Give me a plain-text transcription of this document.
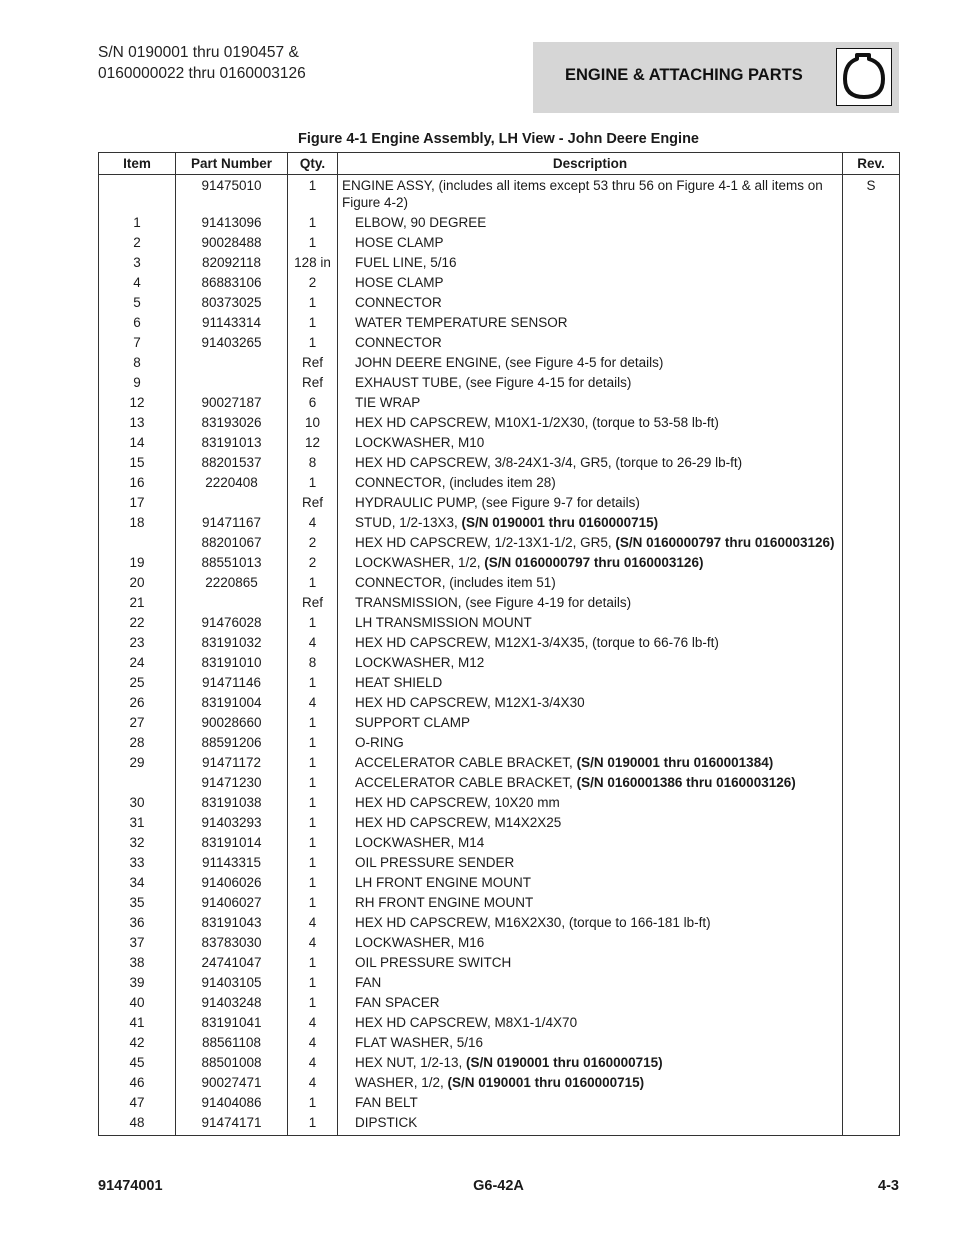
S/N 0190001 thru 0190457 &
0160000022 thru 0160003126	ENGINE & ATTACHING PARTS
Figure 4-1 Engine Assembly, LH View - John Deere Engine
Item	Part Number	Qty.	Description	Rev.
	91475010	1	ENGINE ASSY, (includes all items except 53 thru 56 on Figure 4-1 & all items on Figure 4-2)	S
1	91413096	1	ELBOW, 90 DEGREE	
2	90028488	1	HOSE CLAMP	
3	82092118	128 in	FUEL LINE, 5/16	
4	86883106	2	HOSE CLAMP	
5	80373025	1	CONNECTOR	
6	91143314	1	WATER TEMPERATURE SENSOR	
7	91403265	1	CONNECTOR	
8		Ref	JOHN DEERE ENGINE, (see Figure 4-5 for details)	
9		Ref	EXHAUST TUBE, (see Figure 4-15 for details)	
12	90027187	6	TIE WRAP	
13	83193026	10	HEX HD CAPSCREW, M10X1-1/2X30, (torque to 53-58 lb-ft)	
14	83191013	12	LOCKWASHER, M10	
15	88201537	8	HEX HD CAPSCREW, 3/8-24X1-3/4, GR5, (torque to 26-29 lb-ft)	
16	2220408	1	CONNECTOR, (includes item 28)	
17		Ref	HYDRAULIC PUMP, (see Figure 9-7 for details)	
18	91471167	4	STUD, 1/2-13X3, (S/N 0190001 thru 0160000715)	
	88201067	2	HEX HD CAPSCREW, 1/2-13X1-1/2, GR5, (S/N 0160000797 thru 0160003126)	
19	88551013	2	LOCKWASHER, 1/2, (S/N 0160000797 thru 0160003126)	
20	2220865	1	CONNECTOR, (includes item 51)	
21		Ref	TRANSMISSION, (see Figure 4-19 for details)	
22	91476028	1	LH TRANSMISSION MOUNT	
23	83191032	4	HEX HD CAPSCREW, M12X1-3/4X35, (torque to 66-76 lb-ft)	
24	83191010	8	LOCKWASHER, M12	
25	91471146	1	HEAT SHIELD	
26	83191004	4	HEX HD CAPSCREW, M12X1-3/4X30	
27	90028660	1	SUPPORT CLAMP	
28	88591206	1	O-RING	
29	91471172	1	ACCELERATOR CABLE BRACKET, (S/N 0190001 thru 0160001384)	
	91471230	1	ACCELERATOR CABLE BRACKET, (S/N 0160001386 thru 0160003126)	
30	83191038	1	HEX HD CAPSCREW, 10X20 mm	
31	91403293	1	HEX HD CAPSCREW, M14X2X25	
32	83191014	1	LOCKWASHER, M14	
33	91143315	1	OIL PRESSURE SENDER	
34	91406026	1	LH FRONT ENGINE MOUNT	
35	91406027	1	RH FRONT ENGINE MOUNT	
36	83191043	4	HEX HD CAPSCREW, M16X2X30, (torque to 166-181 lb-ft)	
37	83783030	4	LOCKWASHER, M16	
38	24741047	1	OIL PRESSURE SWITCH	
39	91403105	1	FAN	
40	91403248	1	FAN SPACER	
41	83191041	4	HEX HD CAPSCREW, M8X1-1/4X70	
42	88561108	4	FLAT WASHER, 5/16	
45	88501008	4	HEX NUT, 1/2-13, (S/N 0190001 thru 0160000715)	
46	90027471	4	WASHER, 1/2, (S/N 0190001 thru 0160000715)	
47	91404086	1	FAN BELT	
48	91474171	1	DIPSTICK	
G6-42A
91474001	4-3
